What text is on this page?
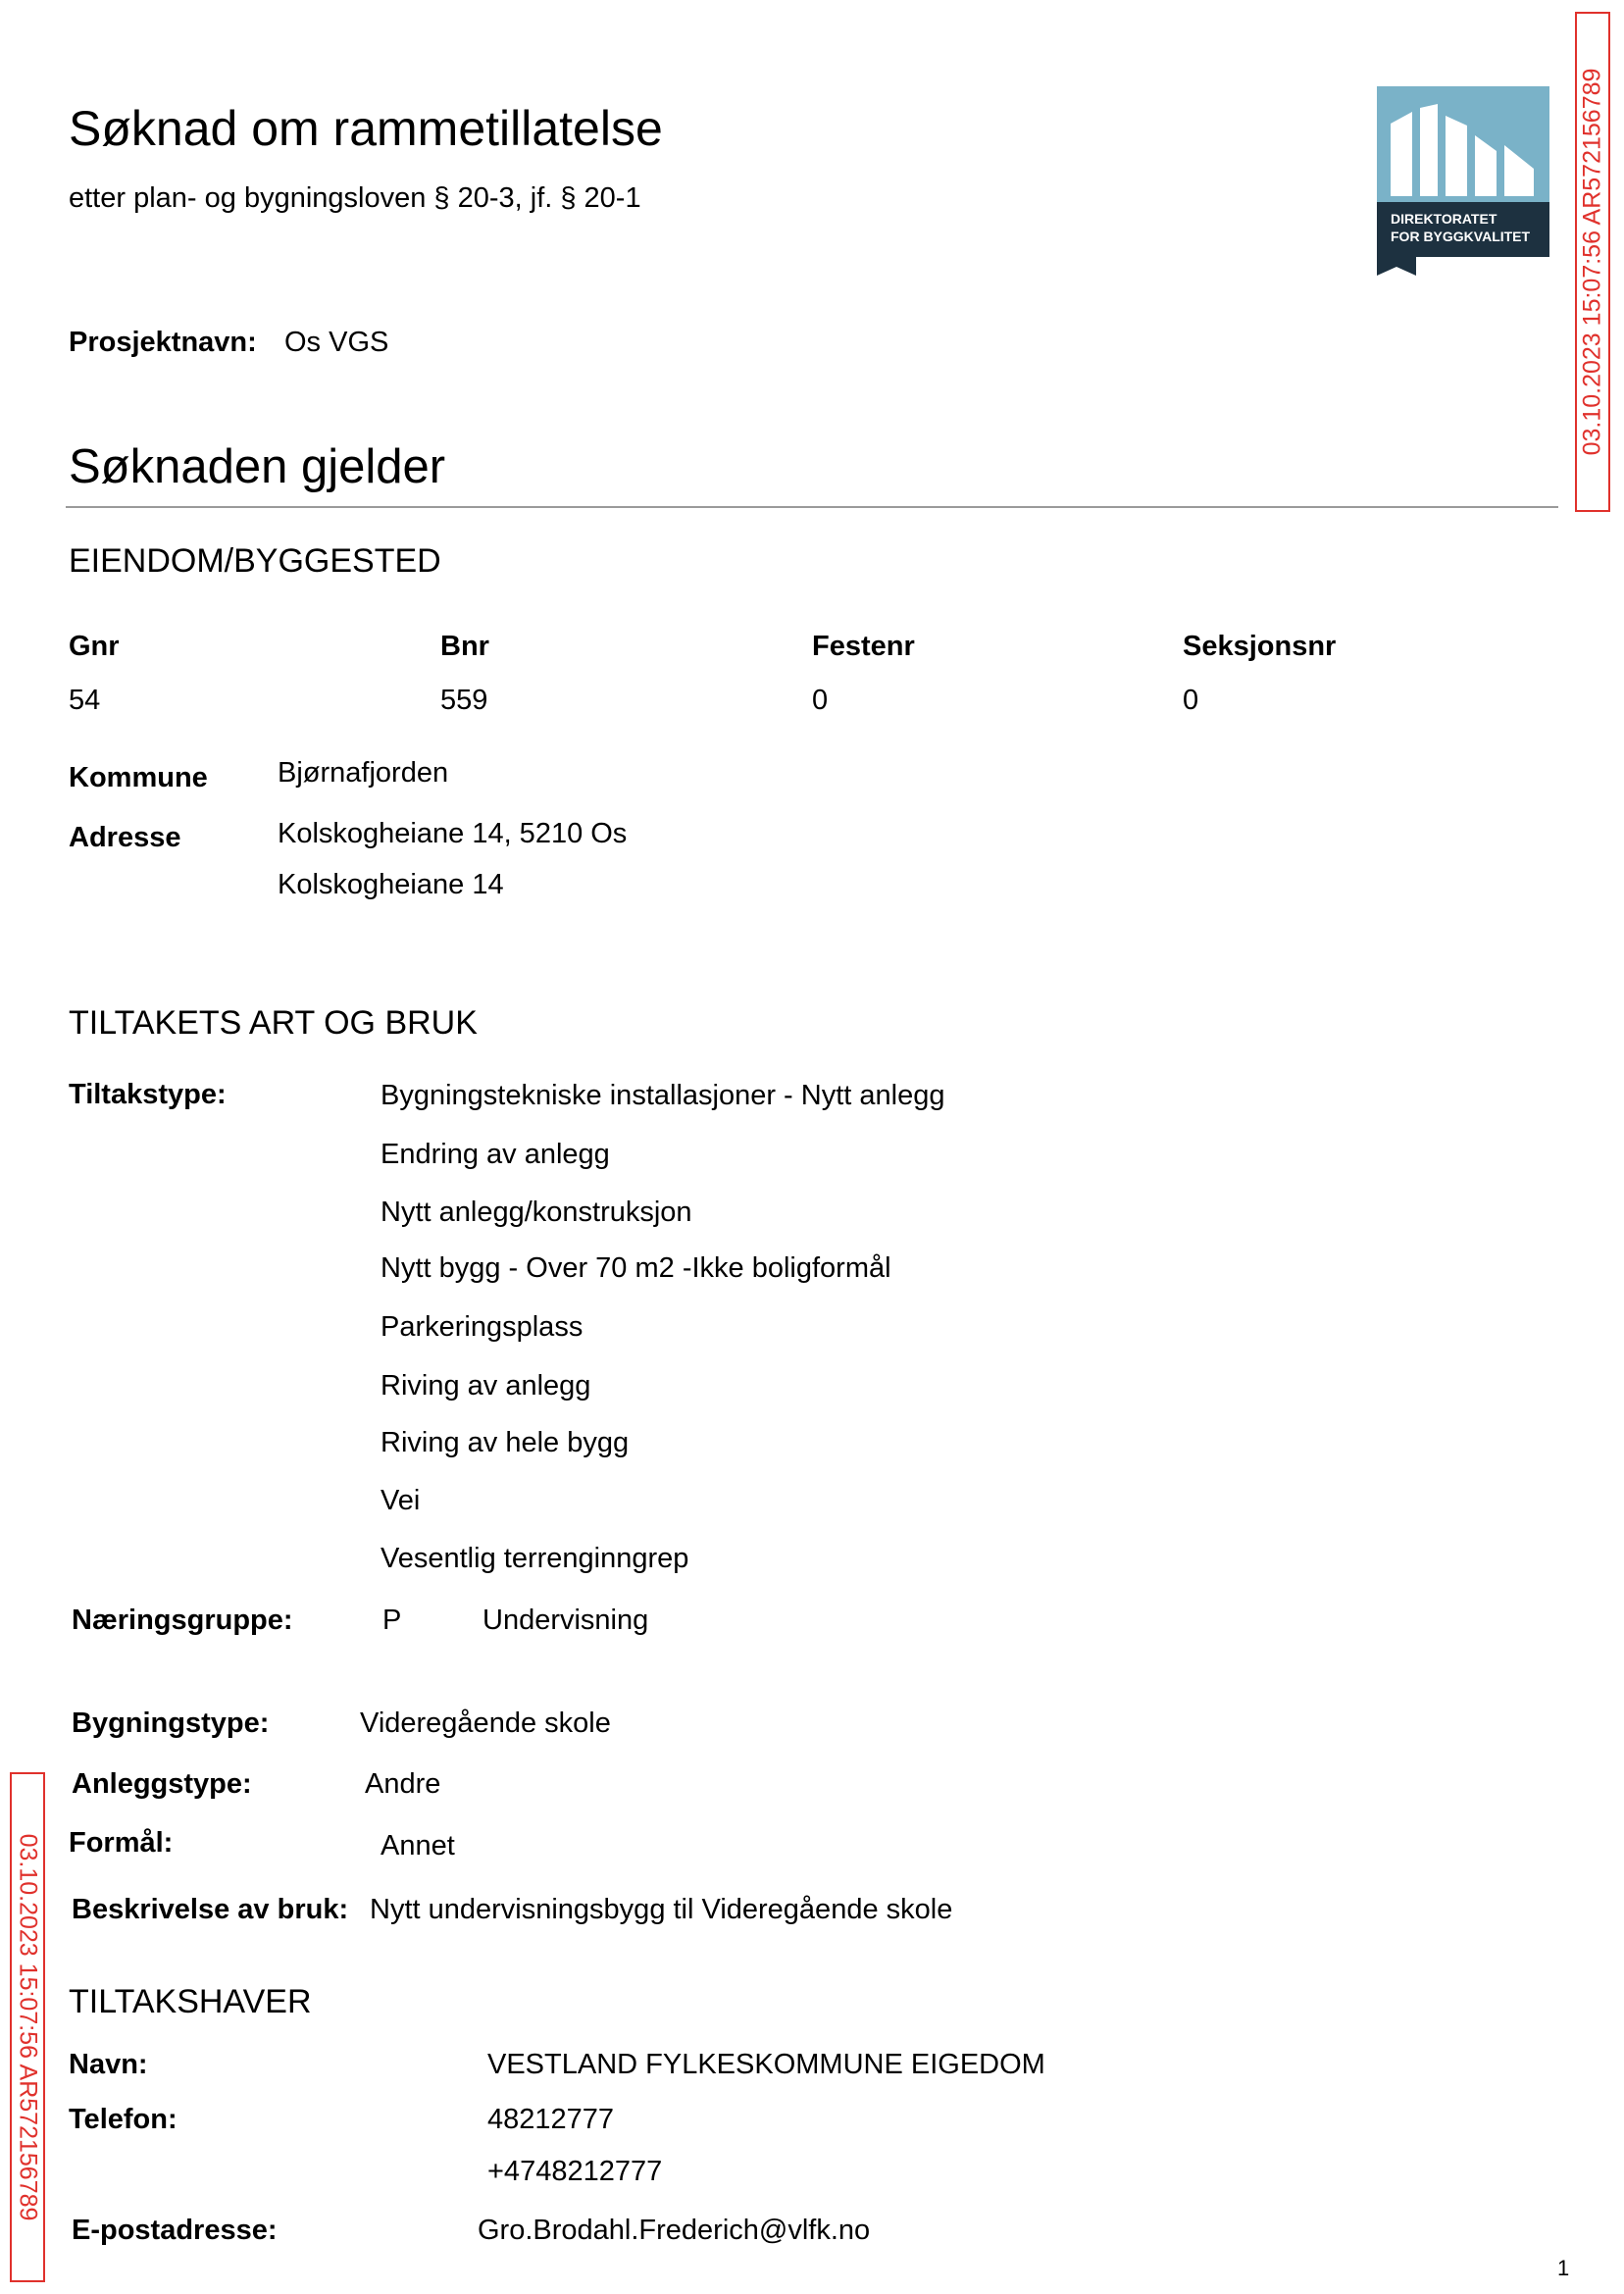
Søknad om rammetillatelse
etter plan- og bygningsloven § 20-3, jf. § 20-1
DIREKTORATET
FOR BYGGKVALITET 03.10.2023 15:07:56 AR572156789
03.10.2023 15:07:56 AR572156789
Prosjektnavn: Os VGS
Søknaden gjelder
EIENDOM/BYGGESTED
Gnr	Bnr	Festenr	Seksjonsnr
54	559	0	0
Kommune Bjørnafjorden
Adresse	Kolskogheiane 14, 5210 Os
Kolskogheiane 14
TILTAKETS ART OG BRUK
Tiltakstype:	Bygningstekniske installasjoner - Nytt anlegg
Endring av anlegg
Nytt anlegg/konstruksjon
Nytt bygg - Over 70 m2 -Ikke boligformål
Parkeringsplass
Riving av anlegg
Riving av hele bygg
Vei
Vesentlig terrenginngrep
Næringsgruppe:	P	Undervisning
Bygningstype:	Videregående skole
Anleggstype:	Andre
Formål:	Annet
Beskrivelse av bruk: Nytt undervisningsbygg til Videregående skole
TILTAKSHAVER
Navn:	VESTLAND FYLKESKOMMUNE EIGEDOM
Telefon:	48212777
+4748212777
E-postadresse:	Gro.Brodahl.Frederich@vlfk.no
1
